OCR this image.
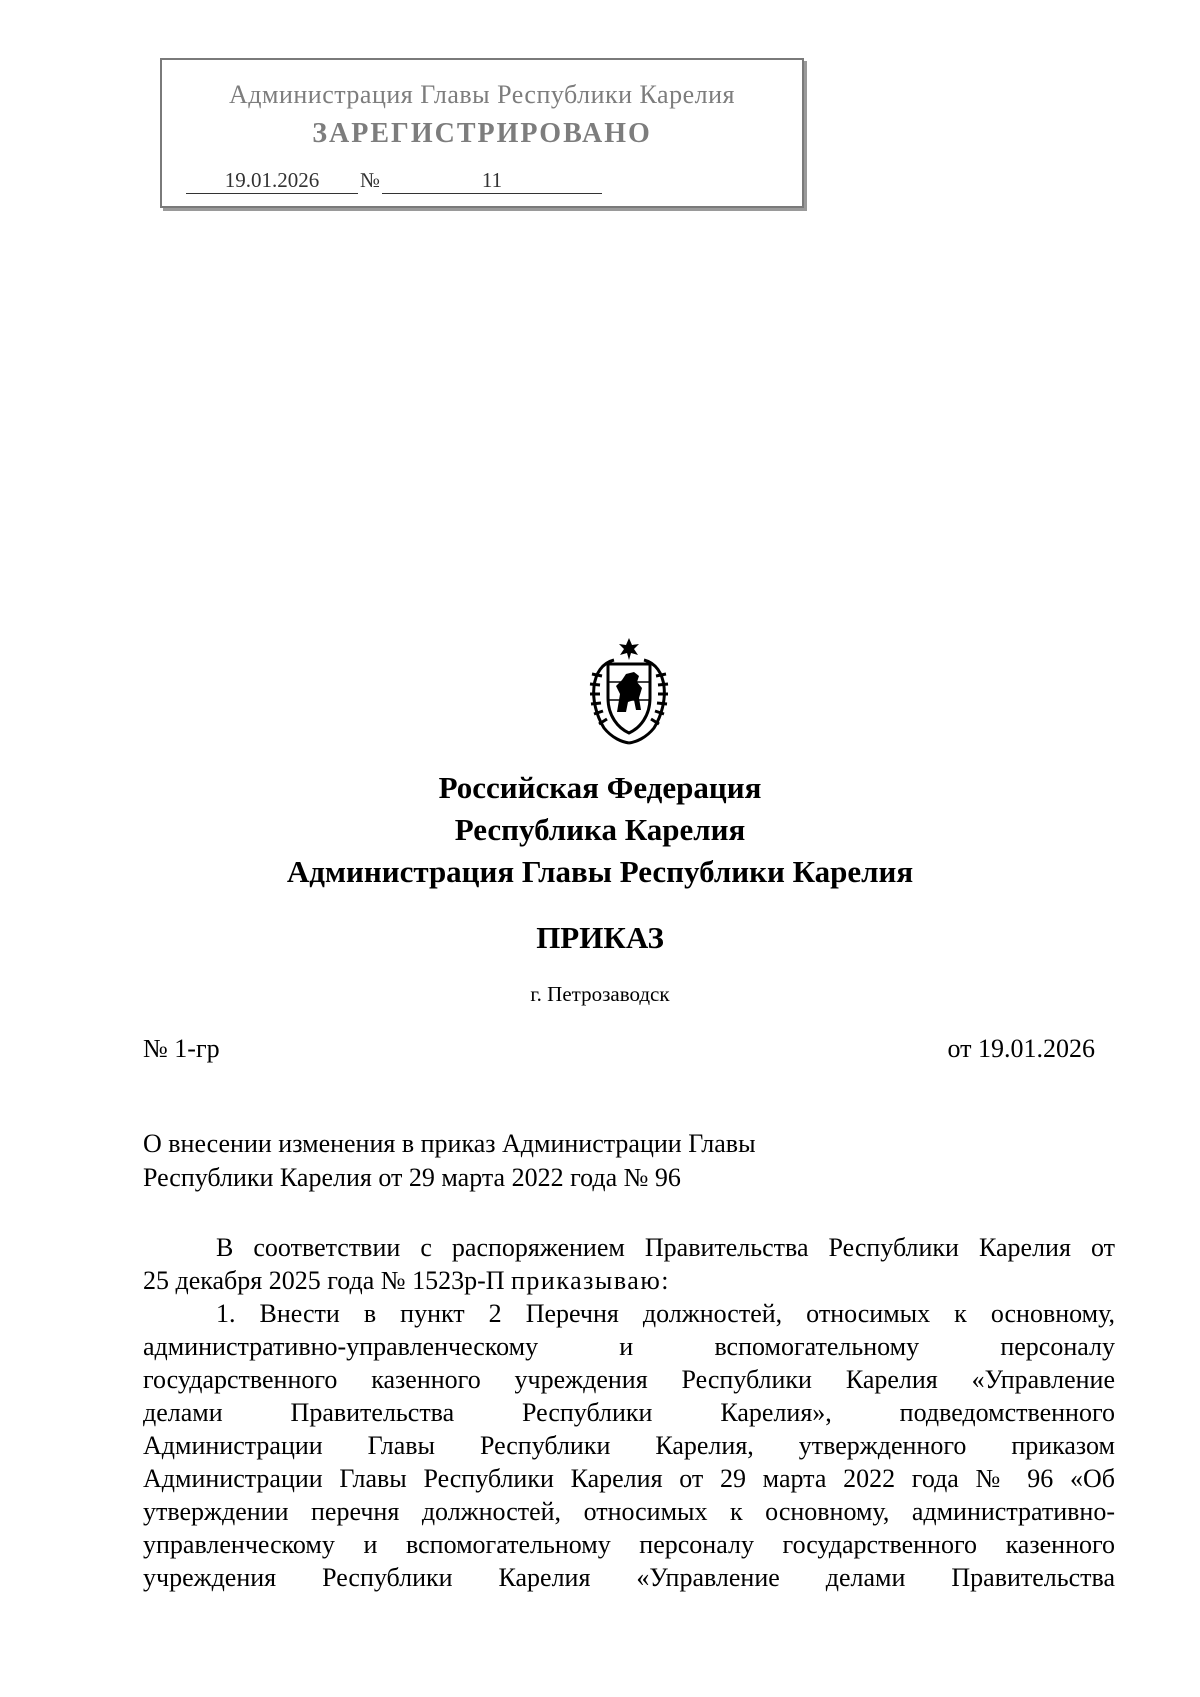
Администрация Главы Республики Карелия
ЗАРЕГИСТРИРОВАНО
19.01.2026 №	11
Российская Федерация
Республика Карелия
Администрация Главы Республики Карелия
ПРИКАЗ
г. Петрозаводск
№ 1-гр	от 19.01.2026
О внесении изменения в приказ Администрации Главы
Республики Карелия от 29 марта 2022 года № 96

В соответствии с распоряжением Правительства Республики Карелия от

25 декабря 2025 года № 1523р-П приказываю:

1. Внести в пункт 2 Перечня должностей, относимых к основному,

административно-управленческому и вспомогательному персоналу

государственного казенного учреждения Республики Карелия «Управление

делами Правительства Республики Карелия», подведомственного

Администрации Главы Республики Карелия, утвержденного приказом

Администрации Главы Республики Карелия от 29 марта 2022 года № 96 «Об

утверждении перечня должностей, относимых к основному, административно-

управленческому и вспомогательному персоналу государственного казенного

учреждения Республики Карелия «Управление делами Правительства
